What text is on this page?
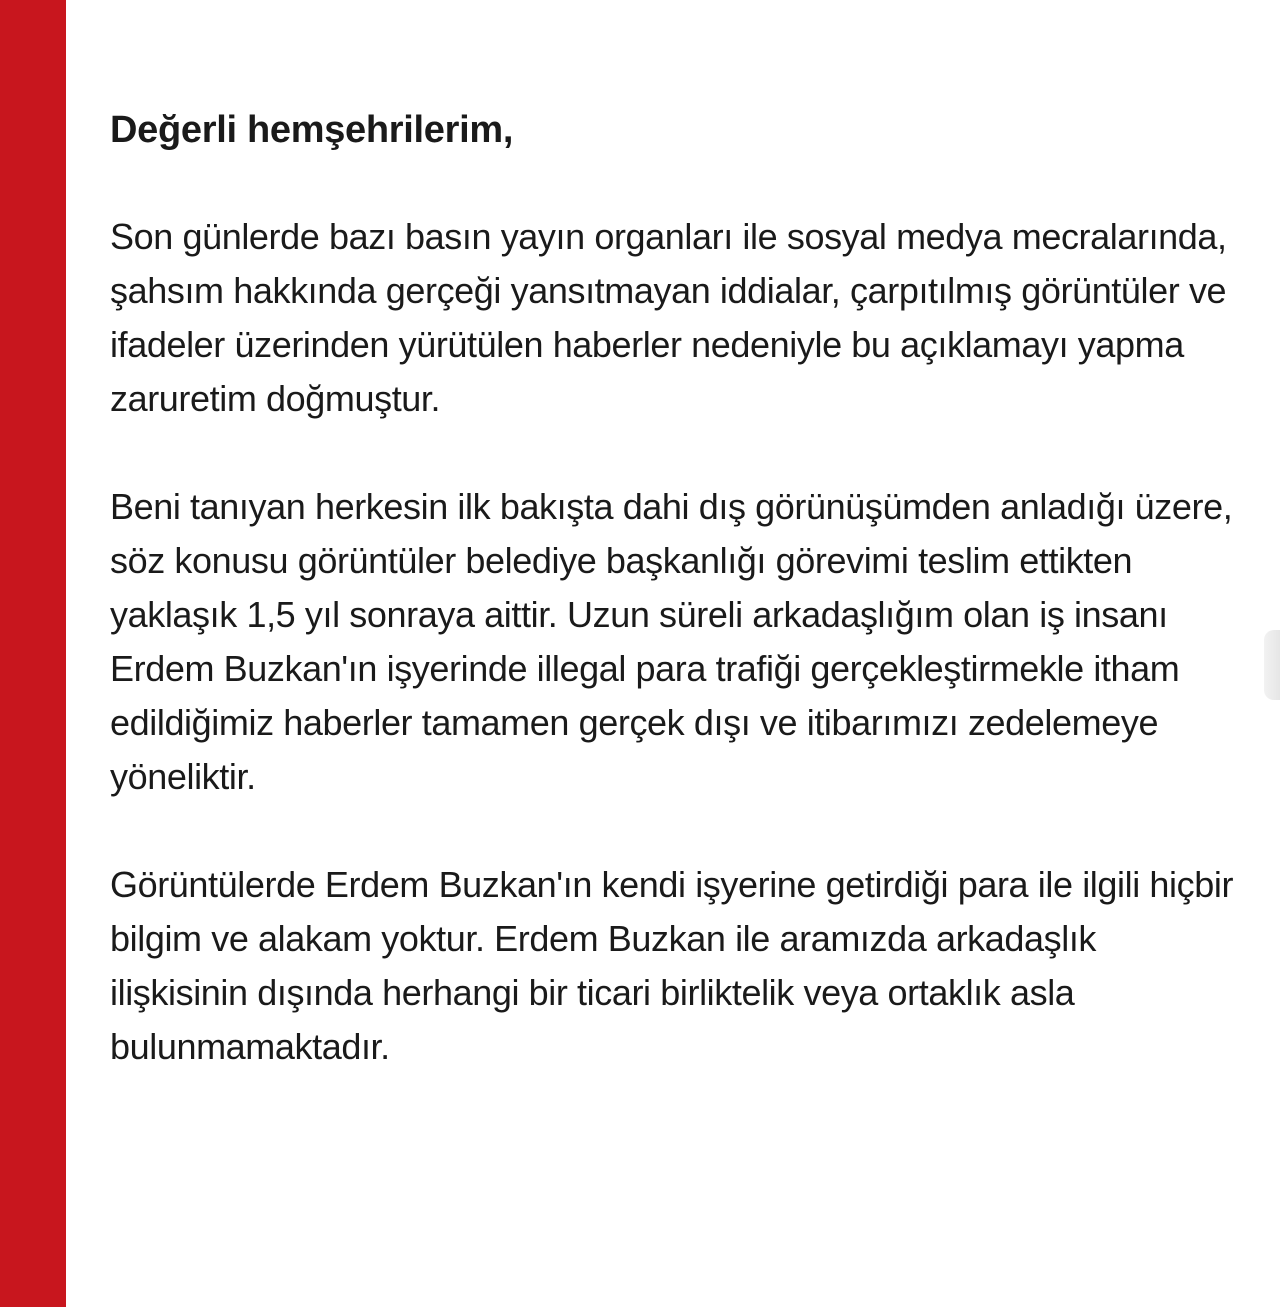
Değerli hemşehrilerim,

Son günlerde bazı basın yayın organları ile sosyal medya mecralarında, şahsım hakkında gerçeği yansıtmayan iddialar, çarpıtılmış görüntüler ve ifadeler üzerinden yürütülen haberler nedeniyle bu açıklamayı yapma zaruretim doğmuştur.

Beni tanıyan herkesin ilk bakışta dahi dış görünüşümden anladığı üzere, söz konusu görüntüler belediye başkanlığı görevimi teslim ettikten yaklaşık 1,5 yıl sonraya aittir. Uzun süreli arkadaşlığım olan iş insanı Erdem Buzkan'ın işyerinde illegal para trafiği gerçekleştirmekle itham edildiğimiz haberler tamamen gerçek dışı ve itibarımızı zedelemeye yöneliktir.

Görüntülerde Erdem Buzkan'ın kendi işyerine getirdiği para ile ilgili hiçbir bilgim ve alakam yoktur. Erdem Buzkan ile aramızda arkadaşlık ilişkisinin dışında herhangi bir ticari birliktelik veya ortaklık asla bulunmamaktadır.
